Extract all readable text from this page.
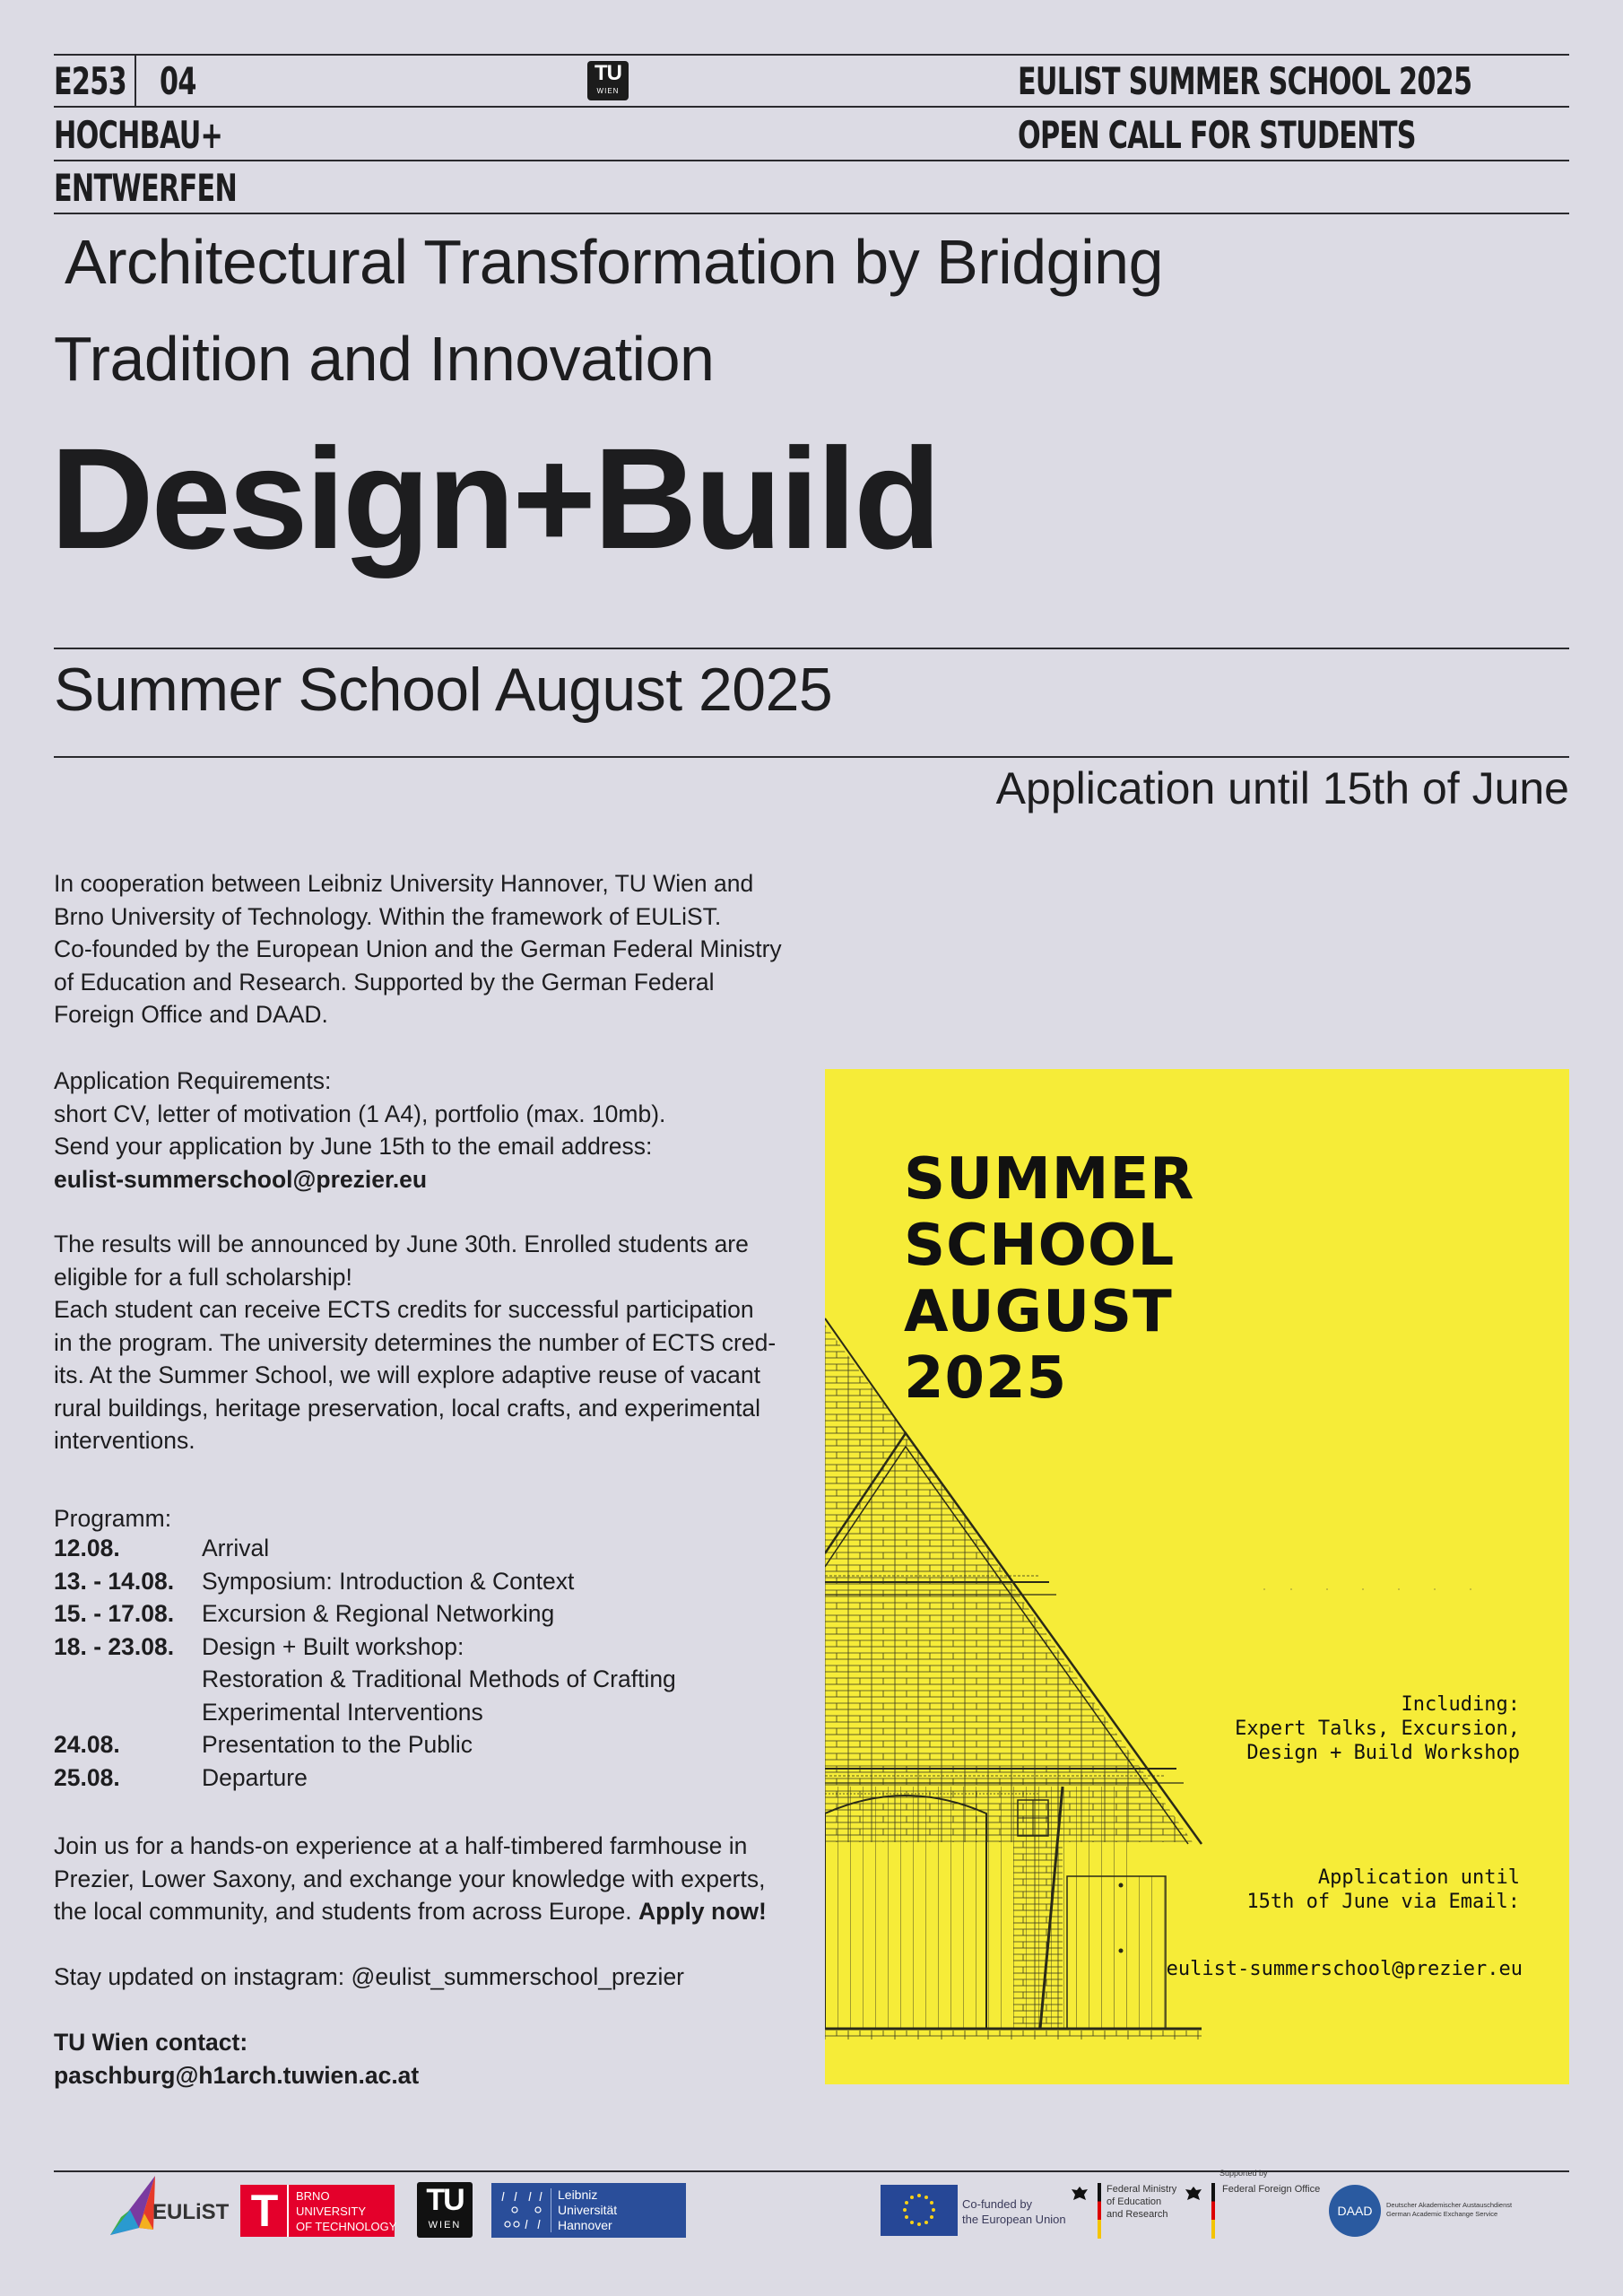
E253 04
HOCHBAU+
ENTWERFEN
TU
WIEN	EULIST SUMMER SCHOOL 2025
OPEN CALL FOR STUDENTS
Architectural Transformation by Bridging
Tradition and Innovation
Design+Build
Summer School August 2025
Application until 15th of June
In cooperation between Leibniz University Hannover, TU Wien and
Brno University of Technology. Within the framework of EULiST.
Co-founded by the European Union and the German Federal Ministry
of Education and Research. Supported by the German Federal
Foreign Office and DAAD.
Application Requirements:
short CV, letter of motivation (1 A4), portfolio (max. 10mb).
Send your application by June 15th to the email address:
eulist-summerschool@prezier.eu
The results will be announced by June 30th. Enrolled students are
eligible for a full scholarship!
Each student can receive ECTS credits for successful participation
in the program. The university determines the number of ECTS cred-
its. At the Summer School, we will explore adaptive reuse of vacant
rural buildings, heritage preservation, local crafts, and experimental
interventions.
Programm:
12.08.	Arrival
13. - 14.08. Symposium: Introduction & Context
15. - 17.08. Excursion & Regional Networking
18. - 23.08. Design + Built workshop:
Restoration & Traditional Methods of Crafting
Experimental Interventions
24.08.	Presentation to the Public
25.08.	Departure
Join us for a hands-on experience at a half-timbered farmhouse in
Prezier, Lower Saxony, and exchange your knowledge with experts,
the local community, and students from across Europe. Apply now!
Stay updated on instagram: @eulist_summerschool_prezier
TU Wien contact:
paschburg@h1arch.tuwien.ac.at
SUMMER
SCHOOL
AUGUST
2025
Including:
Expert Talks, Excursion,
Design + Build Workshop
Application until
15th of June via Email:
eulist-summerschool@prezier.eu
EULiST T	BRNO
UNIVERSITY
OF TECHNOLOGY
TU
WIEN
Leibniz
Universität
Hannover
Co-funded by
the European Union
Federal Ministry
of Education
and Research
Supported by
Federal Foreign Office
DAAD	Deutscher Akademischer Austauschdienst
German Academic Exchange Service
